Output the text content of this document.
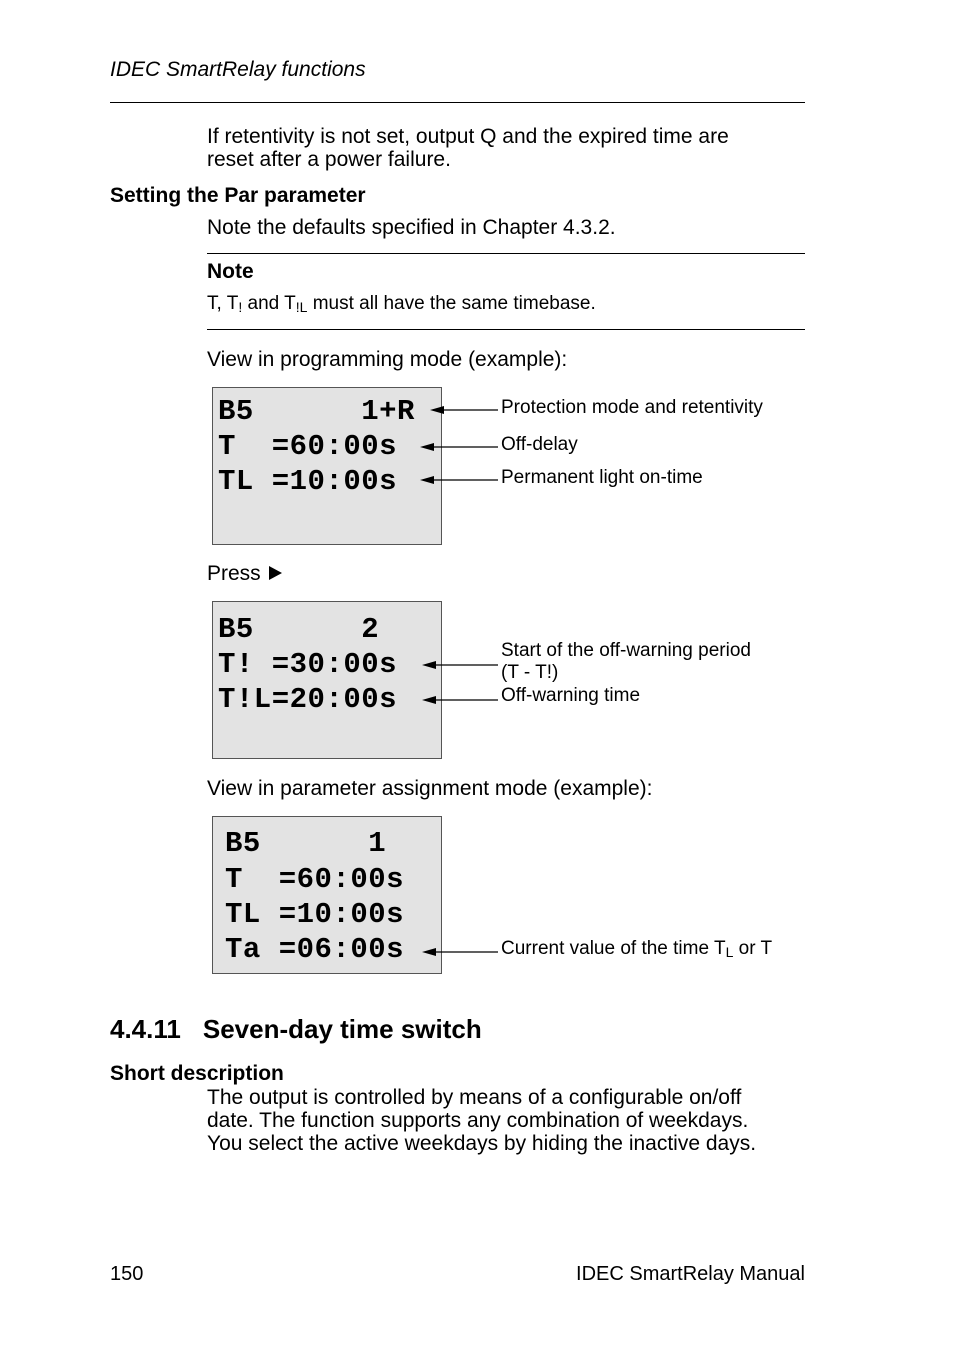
IDEC SmartRelay functions
If retentivity is not set, output Q and the expired time are
reset after a power failure.
Setting the Par parameter
Note the defaults specified in Chapter 4.3.2.
Note
T, $T_!$ and $T_{!L}$ must all have the same timebase.
View in programming mode (example):
B5      1+R
T  =60:00s
TL =10:00s
Protection mode and retentivity
Off-delay
Permanent light on-time
Press
B5      2
T! =30:00s
T!L=20:00s
Start of the off-warning period
(T - T!)
Off-warning time
View in parameter assignment mode (example):
B5      1
T  =60:00s
TL =10:00s
Ta =06:00s	Current value of the time $T_L$ or T
4.4.11 Seven-day time switch
Short description
The output is controlled by means of a configurable on/off
date. The function supports any combination of weekdays.
You select the active weekdays by hiding the inactive days.
150	IDEC SmartRelay Manual
